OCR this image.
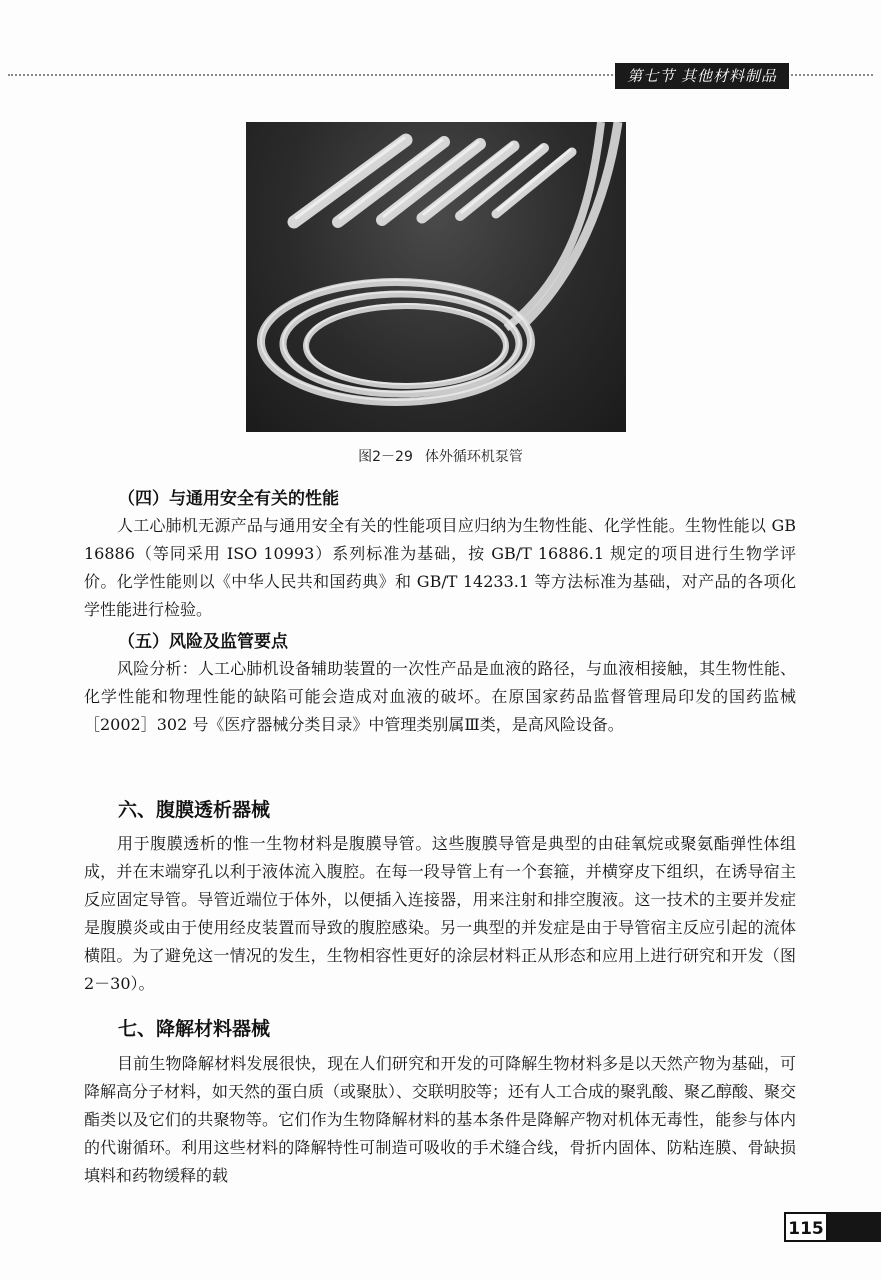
第七节 其他材料制品
图2－29 体外循环机泵管
（四）与通用安全有关的性能
人工心肺机无源产品与通用安全有关的性能项目应归纳为生物性能、化学性能。生物性能以 GB 16886（等同采用 ISO 10993）系列标准为基础，按 GB/T 16886.1 规定的项目进行生物学评价。化学性能则以《中华人民共和国药典》和 GB/T 14233.1 等方法标准为基础，对产品的各项化学性能进行检验。
（五）风险及监管要点
风险分析：人工心肺机设备辅助装置的一次性产品是血液的路径，与血液相接触，其生物性能、化学性能和物理性能的缺陷可能会造成对血液的破坏。在原国家药品监督管理局印发的国药监械［2002］302 号《医疗器械分类目录》中管理类别属Ⅲ类，是高风险设备。
六、腹膜透析器械
用于腹膜透析的惟一生物材料是腹膜导管。这些腹膜导管是典型的由硅氧烷或聚氨酯弹性体组成，并在末端穿孔以利于液体流入腹腔。在每一段导管上有一个套箍，并横穿皮下组织，在诱导宿主反应固定导管。导管近端位于体外，以便插入连接器，用来注射和排空腹液。这一技术的主要并发症是腹膜炎或由于使用经皮装置而导致的腹腔感染。另一典型的并发症是由于导管宿主反应引起的流体横阻。为了避免这一情况的发生，生物相容性更好的涂层材料正从形态和应用上进行研究和开发（图2－30）。
七、降解材料器械
目前生物降解材料发展很快，现在人们研究和开发的可降解生物材料多是以天然产物为基础，可降解高分子材料，如天然的蛋白质（或聚肽）、交联明胶等；还有人工合成的聚乳酸、聚乙醇酸、聚交酯类以及它们的共聚物等。它们作为生物降解材料的基本条件是降解产物对机体无毒性，能参与体内的代谢循环。利用这些材料的降解特性可制造可吸收的手术缝合线，骨折内固体、防粘连膜、骨缺损填料和药物缓释的载
115
